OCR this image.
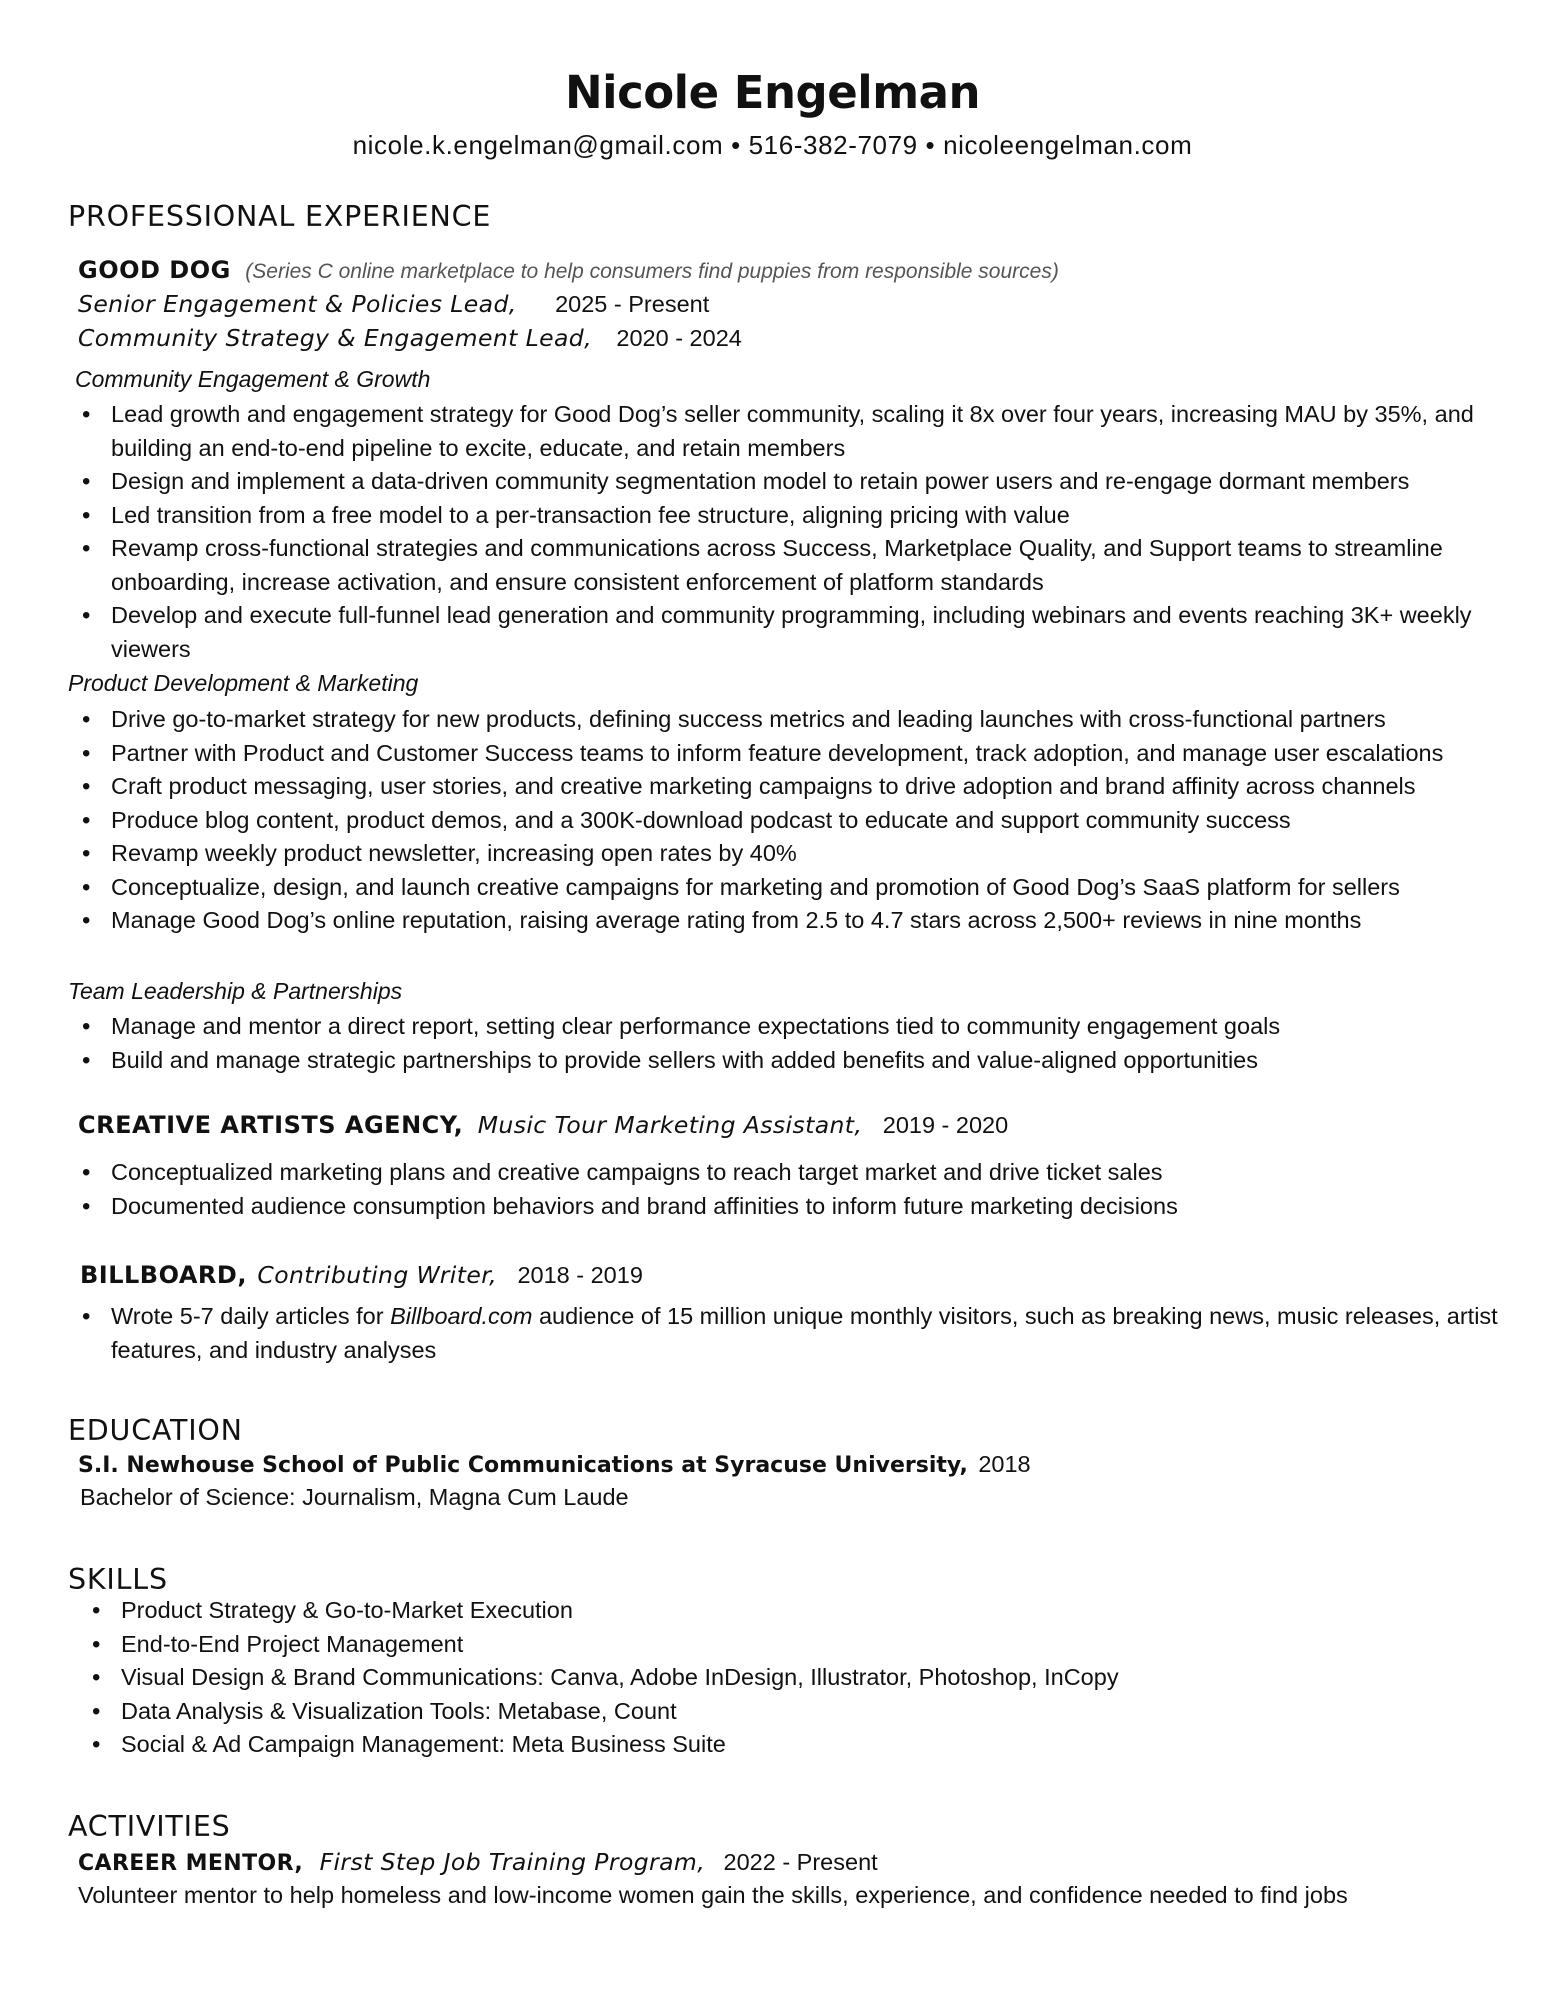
Nicole Engelman
nicole.k.engelman@gmail.com • 516-382-7079 • nicoleengelman.com
PROFESSIONAL EXPERIENCE
GOOD DOG (Series C online marketplace to help consumers find puppies from responsible sources)
Senior Engagement & Policies Lead, 2025 - Present
Community Strategy & Engagement Lead, 2020 - 2024
Community Engagement & Growth
• Lead growth and engagement strategy for Good Dog’s seller community, scaling it 8x over four years, increasing MAU by 35%, and building an end-to-end pipeline to excite, educate, and retain members
• Design and implement a data-driven community segmentation model to retain power users and re-engage dormant members
• Led transition from a free model to a per-transaction fee structure, aligning pricing with value
• Revamp cross-functional strategies and communications across Success, Marketplace Quality, and Support teams to streamline onboarding, increase activation, and ensure consistent enforcement of platform standards
• Develop and execute full-funnel lead generation and community programming, including webinars and events reaching 3K+ weekly viewers
Product Development & Marketing
• Drive go-to-market strategy for new products, defining success metrics and leading launches with cross-functional partners
• Partner with Product and Customer Success teams to inform feature development, track adoption, and manage user escalations
• Craft product messaging, user stories, and creative marketing campaigns to drive adoption and brand affinity across channels
• Produce blog content, product demos, and a 300K-download podcast to educate and support community success
• Revamp weekly product newsletter, increasing open rates by 40%
• Conceptualize, design, and launch creative campaigns for marketing and promotion of Good Dog’s SaaS platform for sellers
• Manage Good Dog’s online reputation, raising average rating from 2.5 to 4.7 stars across 2,500+ reviews in nine months
Team Leadership & Partnerships
• Manage and mentor a direct report, setting clear performance expectations tied to community engagement goals
• Build and manage strategic partnerships to provide sellers with added benefits and value-aligned opportunities
CREATIVE ARTISTS AGENCY, Music Tour Marketing Assistant, 2019 - 2020
• Conceptualized marketing plans and creative campaigns to reach target market and drive ticket sales
• Documented audience consumption behaviors and brand affinities to inform future marketing decisions
BILLBOARD, Contributing Writer, 2018 - 2019
• Wrote 5-7 daily articles for Billboard.com audience of 15 million unique monthly visitors, such as breaking news, music releases, artist features, and industry analyses
EDUCATION
S.I. Newhouse School of Public Communications at Syracuse University, 2018
Bachelor of Science: Journalism, Magna Cum Laude
SKILLS
• Product Strategy & Go-to-Market Execution
• End-to-End Project Management
• Visual Design & Brand Communications: Canva, Adobe InDesign, Illustrator, Photoshop, InCopy
• Data Analysis & Visualization Tools: Metabase, Count
• Social & Ad Campaign Management: Meta Business Suite
ACTIVITIES
CAREER MENTOR, First Step Job Training Program, 2022 - Present
Volunteer mentor to help homeless and low-income women gain the skills, experience, and confidence needed to find jobs
